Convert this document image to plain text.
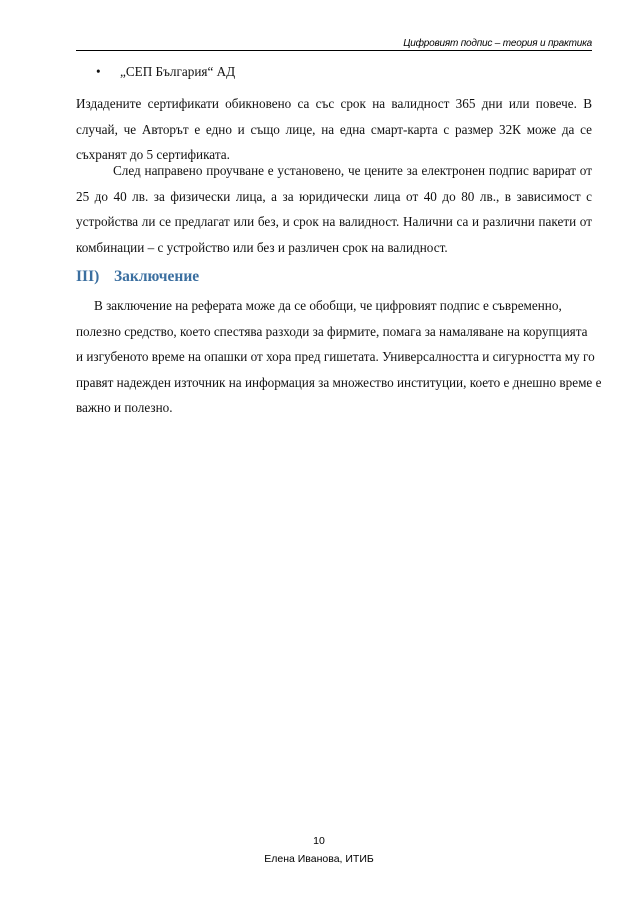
Цифровият подпис – теория и практика
• „СЕП България“ АД
Издадените сертификати обикновено са със срок на валидност 365 дни или повече. В случай, че Авторът е едно и също лице, на една смарт-карта с размер 32К може да се съхранят до 5 сертификата.
След направено проучване е установено, че цените за електронен подпис варират от 25 до 40 лв. за физически лица, а за юридически лица от 40 до 80 лв., в зависимост с устройства ли се предлагат или без, и срок на валидност. Налични са и различни пакети от комбинации – с устройство или без и различен срок на валидност.
III) Заключение
В заключение на реферата може да се обобщи, че цифровият подпис е съвременно,
полезно средство, което спестява разходи за фирмите, помага за намаляване на корупцията
и изгубеното време на опашки от хора пред гишетата. Универсалността и сигурността му го
правят надежден източник на информация за множество институции, което е днешно време е
важно и полезно.
10
Елена Иванова, ИТИБ
